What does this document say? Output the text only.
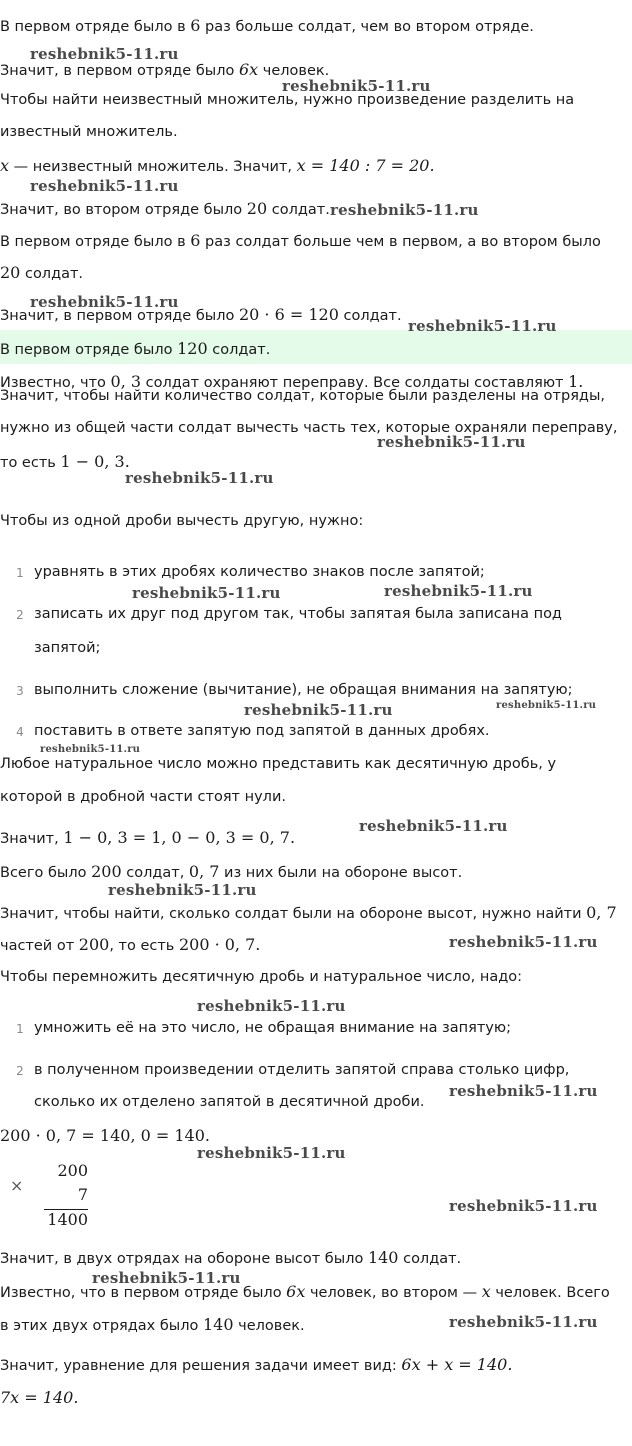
В первом отряде было в 6 раз больше солдат, чем во втором отряде.
Значит, в первом отряде было 6x человек.
Чтобы найти неизвестный множитель, нужно произведение разделить на
известный множитель.
x — неизвестный множитель. Значит, x = 140 : 7 = 20.
Значит, во втором отряде было 20 солдат.
В первом отряде было в 6 раз солдат больше чем в первом, а во втором было
20 солдат.
Значит, в первом отряде было 20 · 6 = 120 солдат.
В первом отряде было 120 солдат.
Известно, что 0, 3 солдат охраняют переправу. Все солдаты составляют 1.
Значит, чтобы найти количество солдат, которые были разделены на отряды,
нужно из общей части солдат вычесть часть тех, которые охраняли переправу,
то есть 1 − 0, 3.
Чтобы из одной дроби вычесть другую, нужно:
1 уравнять в этих дробях количество знаков после запятой;
2 записать их друг под другом так, чтобы запятая была записана под
запятой;
3 выполнить сложение (вычитание), не обращая внимания на запятую;
4 поставить в ответе запятую под запятой в данных дробях.
Любое натуральное число можно представить как десятичную дробь, у
которой в дробной части стоят нули.
Значит, 1 − 0, 3 = 1, 0 − 0, 3 = 0, 7.
Всего было 200 солдат, 0, 7 из них были на обороне высот.
Значит, чтобы найти, сколько солдат были на обороне высот, нужно найти 0, 7
частей от 200, то есть 200 · 0, 7.
Чтобы перемножить десятичную дробь и натуральное число, надо:
1 умножить её на это число, не обращая внимание на запятую;
2 в полученном произведении отделить запятой справа столько цифр,
сколько их отделено запятой в десятичной дроби.
200 · 0, 7 = 140, 0 = 140.
×
200
7
1400
Значит, в двух отрядах на обороне высот было 140 солдат.
Известно, что в первом отряде было 6x человек, во втором — x человек. Всего
в этих двух отрядах было 140 человек.
Значит, уравнение для решения задачи имеет вид: 6x + x = 140.
7x = 140.
reshebnik5-11.ru
reshebnik5-11.ru
reshebnik5-11.ru
reshebnik5-11.ru
reshebnik5-11.ru
reshebnik5-11.ru
reshebnik5-11.ru
reshebnik5-11.ru
reshebnik5-11.ru	reshebnik5-11.ru
reshebnik5-11.ru	reshebnik5-11.ru
reshebnik5-11.ru
reshebnik5-11.ru
reshebnik5-11.ru
reshebnik5-11.ru
reshebnik5-11.ru
reshebnik5-11.ru
reshebnik5-11.ru
reshebnik5-11.ru
reshebnik5-11.ru
reshebnik5-11.ru
